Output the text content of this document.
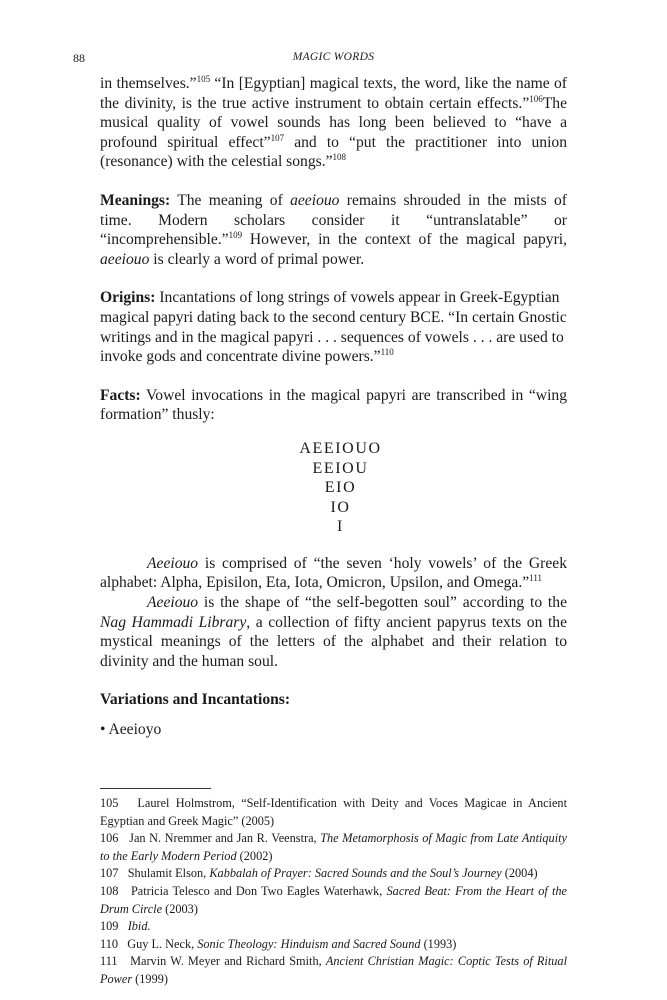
88	MAGIC WORDS

in themselves.”$^{105}$ “In [Egyptian] magical texts, the word, like the name of the divinity, is the true active instrument to obtain certain effects.”$^{106}$The musical quality of vowel sounds has long been believed to “have a profound spiritual effect”$^{107}$ and to “put the practitioner into union (resonance) with the celestial songs.”$^{108}$

Meanings: The meaning of aeeiouo remains shrouded in the mists of time. Modern scholars consider it “untranslatable” or “incomprehensible.”$^{109}$ However, in the context of the magical papyri, aeeiouo is clearly a word of primal power.

Origins: Incantations of long strings of vowels appear in Greek-Egyptian magical papyri dating back to the second century BCE. “In certain Gnostic writings and in the magical papyri . . . sequences of vowels . . . are used to invoke gods and concentrate divine powers.”$^{110}$

Facts: Vowel invocations in the magical papyri are transcribed in “wing formation” thusly:

AEEIOUO
EEIOU
EIO
IO
I

Aeeiouo is comprised of “the seven ‘holy vowels’ of the Greek alphabet: Alpha, Episilon, Eta, Iota, Omicron, Upsilon, and Omega.”$^{111}$

Aeeiouo is the shape of “the self-begotten soul” according to the Nag Hammadi Library, a collection of fifty ancient papyrus texts on the mystical meanings of the letters of the alphabet and their relation to divinity and the human soul.

Variations and Incantations:

• Aeeioyo

105 Laurel Holmstrom, “Self-Identification with Deity and Voces Magicae in Ancient Egyptian and Greek Magic” (2005)

106 Jan N. Nremmer and Jan R. Veenstra, The Metamorphosis of Magic from Late Antiquity to the Early Modern Period (2002)

107 Shulamit Elson, Kabbalah of Prayer: Sacred Sounds and the Soul’s Journey (2004)

108 Patricia Telesco and Don Two Eagles Waterhawk, Sacred Beat: From the Heart of the Drum Circle (2003)

109 Ibid.

110 Guy L. Neck, Sonic Theology: Hinduism and Sacred Sound (1993)

111 Marvin W. Meyer and Richard Smith, Ancient Christian Magic: Coptic Tests of Ritual Power (1999)
